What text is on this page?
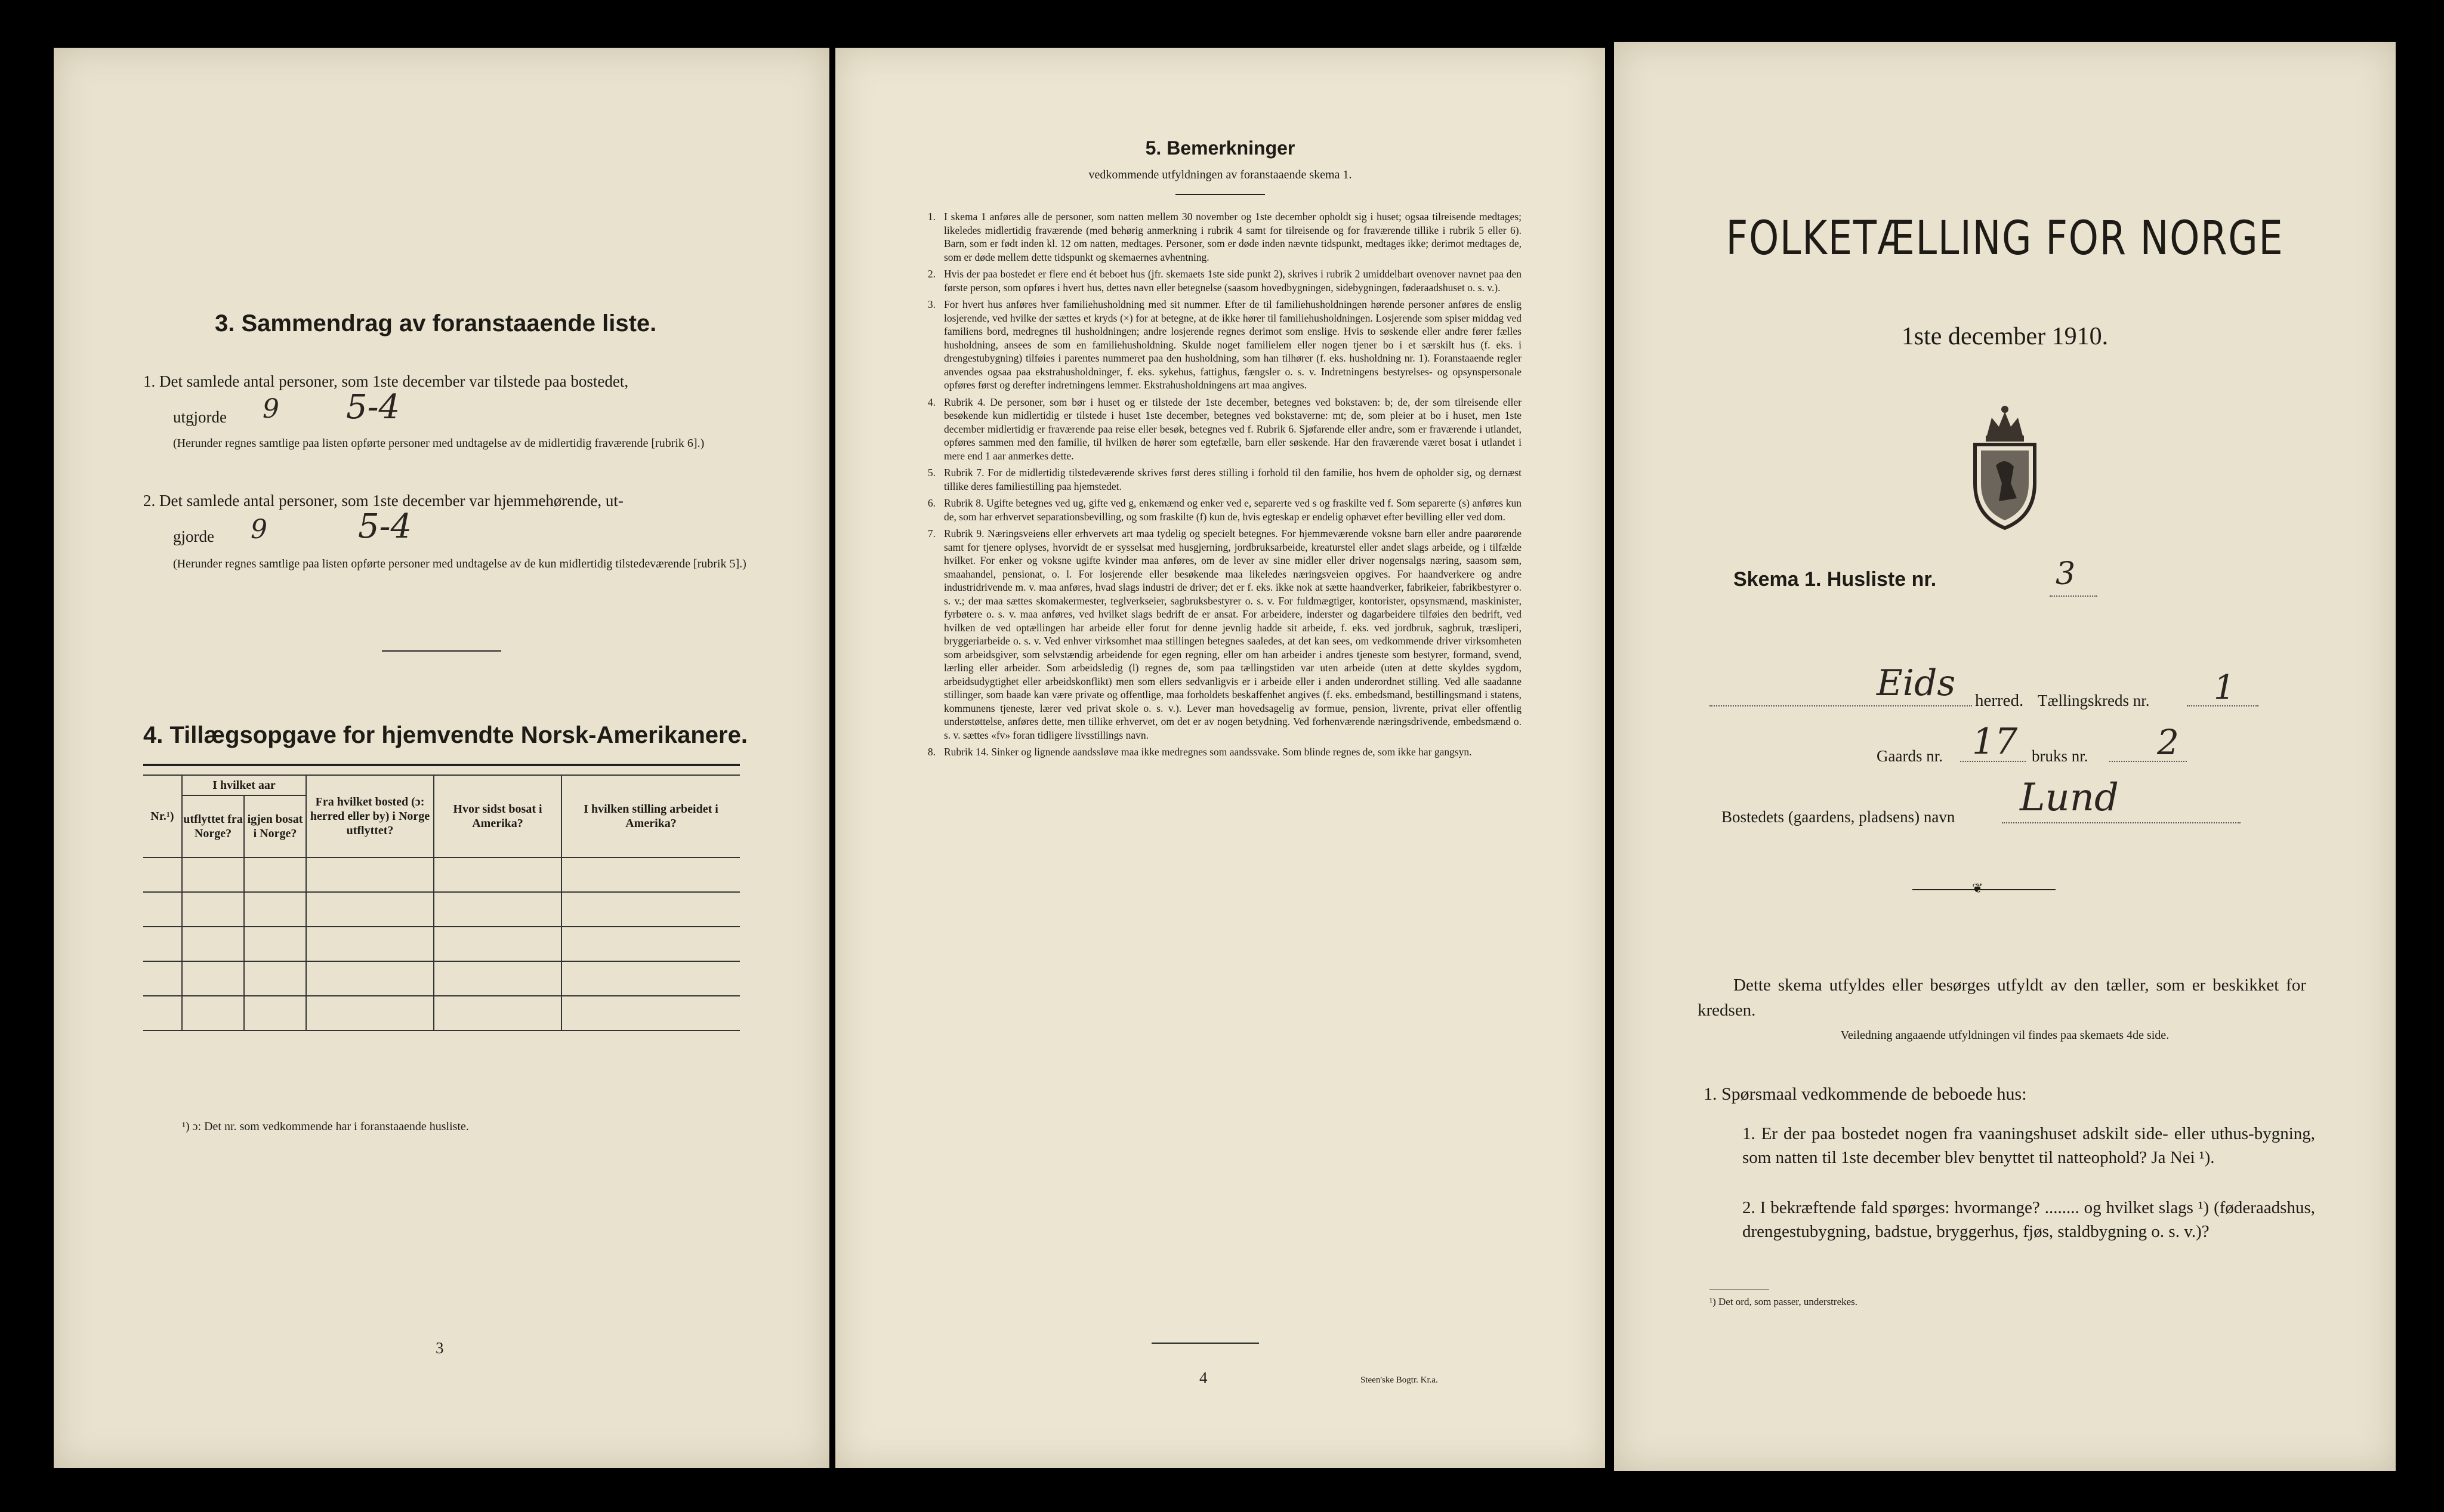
3. Sammendrag av foranstaaende liste.
1. Det samlede antal personer, som 1ste december var tilstede paa bostedet,
utgjorde 9 5-4
(Herunder regnes samtlige paa listen opførte personer med undtagelse av de midlertidig fraværende [rubrik 6].)
2. Det samlede antal personer, som 1ste december var hjemmehørende, ut-
gjorde 9	5-4
(Herunder regnes samtlige paa listen opførte personer med undtagelse av de kun midlertidig tilstedeværende [rubrik 5].)
4. Tillægsopgave for hjemvendte Norsk-Amerikanere.
Nr.¹)	I hvilket aar		Fra hvilket bosted (ɔ: herred eller by) i Norge utflyttet?	Hvor sidst bosat i Amerika?	I hvilken stilling arbeidet i Amerika?
	utflyttet fra Norge?	igjen bosat i Norge?			

¹) ɔ: Det nr. som vedkommende har i foranstaaende husliste.
3
5. Bemerkninger
vedkommende utfyldningen av foranstaaende skema 1.
1. I skema 1 anføres alle de personer, som natten mellem 30 november og 1ste december opholdt sig i huset; ogsaa tilreisende medtages; likeledes midlertidig fraværende (med behørig anmerkning i rubrik 4 samt for tilreisende og for fraværende tillike i rubrik 5 eller 6). Barn, som er født inden kl. 12 om natten, medtages. Personer, som er døde inden nævnte tidspunkt, medtages ikke; derimot medtages de, som er døde mellem dette tidspunkt og skemaernes avhentning.
2. Hvis der paa bostedet er flere end ét beboet hus (jfr. skemaets 1ste side punkt 2), skrives i rubrik 2 umiddelbart ovenover navnet paa den første person, som opføres i hvert hus, dettes navn eller betegnelse (saasom hovedbygningen, sidebygningen, føderaadshuset o. s. v.).
3. For hvert hus anføres hver familiehusholdning med sit nummer. Efter de til familiehusholdningen hørende personer anføres de enslig losjerende, ved hvilke der sættes et kryds (×) for at betegne, at de ikke hører til familiehusholdningen. Losjerende som spiser middag ved familiens bord, medregnes til husholdningen; andre losjerende regnes derimot som enslige. Hvis to søskende eller andre fører fælles husholdning, ansees de som en familiehusholdning. Skulde noget familielem eller nogen tjener bo i et særskilt hus (f. eks. i drengestubygning) tilføies i parentes nummeret paa den husholdning, som han tilhører (f. eks. husholdning nr. 1). Foranstaaende regler anvendes ogsaa paa ekstrahusholdninger, f. eks. sykehus, fattighus, fængsler o. s. v. Indretningens bestyrelses- og opsynspersonale opføres først og derefter indretningens lemmer. Ekstrahusholdningens art maa angives.
4. Rubrik 4. De personer, som bør i huset og er tilstede der 1ste december, betegnes ved bokstaven: b; de, der som tilreisende eller besøkende kun midlertidig er tilstede i huset 1ste december, betegnes ved bokstaverne: mt; de, som pleier at bo i huset, men 1ste december midlertidig er fraværende paa reise eller besøk, betegnes ved f. Rubrik 6. Sjøfarende eller andre, som er fraværende i utlandet, opføres sammen med den familie, til hvilken de hører som egtefælle, barn eller søskende. Har den fraværende været bosat i utlandet i mere end 1 aar anmerkes dette.
5. Rubrik 7. For de midlertidig tilstedeværende skrives først deres stilling i forhold til den familie, hos hvem de opholder sig, og dernæst tillike deres familiestilling paa hjemstedet.
6. Rubrik 8. Ugifte betegnes ved ug, gifte ved g, enkemænd og enker ved e, separerte ved s og fraskilte ved f. Som separerte (s) anføres kun de, som har erhvervet separationsbevilling, og som fraskilte (f) kun de, hvis egteskap er endelig ophævet efter bevilling eller ved dom.
7. Rubrik 9. Næringsveiens eller erhvervets art maa tydelig og specielt betegnes. For hjemmeværende voksne barn eller andre paarørende samt for tjenere oplyses, hvorvidt de er sysselsat med husgjerning, jordbruksarbeide, kreaturstel eller andet slags arbeide, og i tilfælde hvilket. For enker og voksne ugifte kvinder maa anføres, om de lever av sine midler eller driver nogensalgs næring, saasom søm, smaahandel, pensionat, o. l. For losjerende eller besøkende maa likeledes næringsveien opgives. For haandverkere og andre industridrivende m. v. maa anføres, hvad slags industri de driver; det er f. eks. ikke nok at sætte haandverker, fabrikeier, fabrikbestyrer o. s. v.; der maa sættes skomakermester, teglverkseier, sagbruksbestyrer o. s. v. For fuldmægtiger, kontorister, opsynsmænd, maskinister, fyrbøtere o. s. v. maa anføres, ved hvilket slags bedrift de er ansat. For arbeidere, inderster og dagarbeidere tilføies den bedrift, ved hvilken de ved optællingen har arbeide eller forut for denne jevnlig hadde sit arbeide, f. eks. ved jordbruk, sagbruk, træsliperi, bryggeriarbeide o. s. v. Ved enhver virksomhet maa stillingen betegnes saaledes, at det kan sees, om vedkommende driver virksomheten som arbeidsgiver, som selvstændig arbeidende for egen regning, eller om han arbeider i andres tjeneste som bestyrer, formand, svend, lærling eller arbeider. Som arbeidsledig (l) regnes de, som paa tællingstiden var uten arbeide (uten at dette skyldes sygdom, arbeidsudygtighet eller arbeidskonflikt) men som ellers sedvanligvis er i arbeide eller i anden underordnet stilling. Ved alle saadanne stillinger, som baade kan være private og offentlige, maa forholdets beskaffenhet angives (f. eks. embedsmand, bestillingsmand i statens, kommunens tjeneste, lærer ved privat skole o. s. v.). Lever man hovedsagelig av formue, pension, livrente, privat eller offentlig understøttelse, anføres dette, men tillike erhvervet, om det er av nogen betydning. Ved forhenværende næringsdrivende, embedsmænd o. s. v. sættes «fv» foran tidligere livsstillings navn.
8. Rubrik 14. Sinker og lignende aandssløve maa ikke medregnes som aandssvake. Som blinde regnes de, som ikke har gangsyn.
4	Steen'ske Bogtr. Kr.a.
FOLKETÆLLING FOR NORGE
1ste december 1910.
Skema 1. Husliste nr.	3
Eids herred. Tællingskreds nr. 1
Gaards nr. 17 bruks nr. 2
Bostedets (gaardens, pladsens) navn Lund
❦
Dette skema utfyldes eller besørges utfyldt av den tæller, som er beskikket for kredsen.
Veiledning angaaende utfyldningen vil findes paa skemaets 4de side.
1. Spørsmaal vedkommende de beboede hus:
1. Er der paa bostedet nogen fra vaaningshuset adskilt side- eller uthus-bygning, som natten til 1ste december blev benyttet til natteophold? Ja Nei ¹).
2. I bekræftende fald spørges: hvormange? ........ og hvilket slags ¹) (føderaadshus, drengestubygning, badstue, bryggerhus, fjøs, staldbygning o. s. v.)?
¹) Det ord, som passer, understrekes.
